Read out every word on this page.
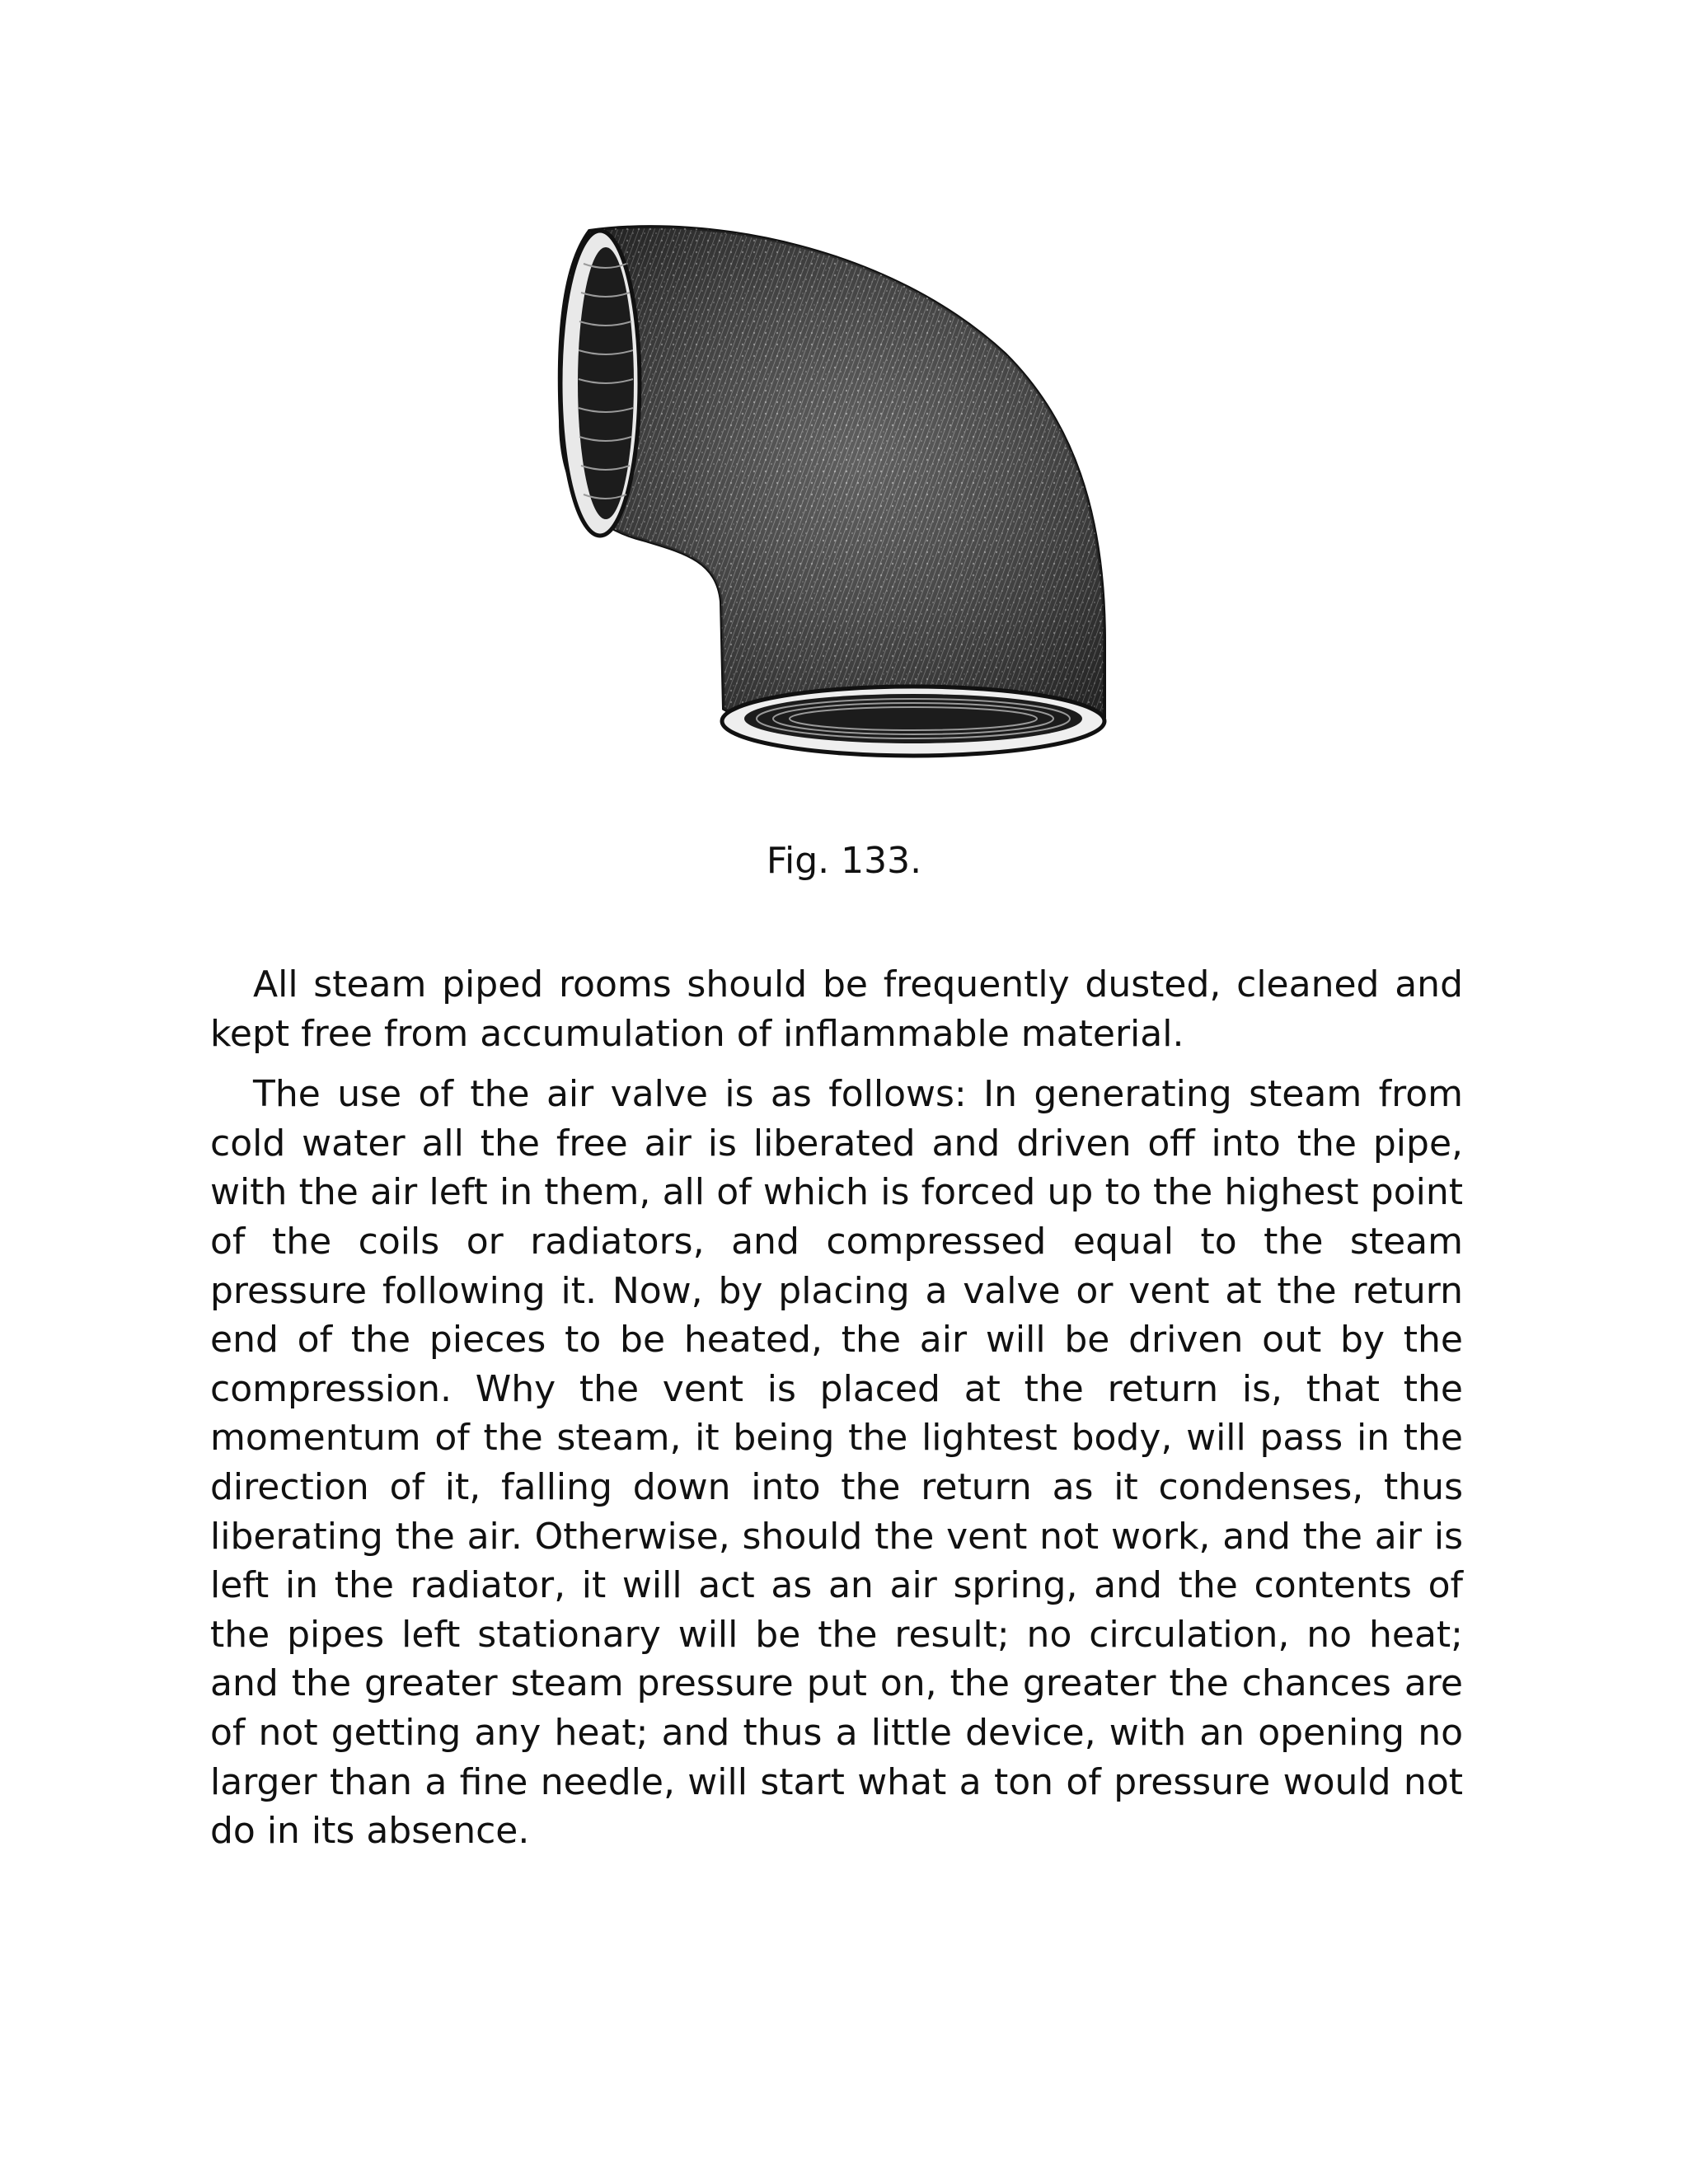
Fig. 133.

All steam piped rooms should be frequently dusted, cleaned and kept free from accumulation of inflammable material.

The use of the air valve is as follows: In generating steam from cold water all the free air is liberated and driven off into the pipe, with the air left in them, all of which is forced up to the highest point of the coils or radiators, and compressed equal to the steam pressure following it. Now, by placing a valve or vent at the return end of the pieces to be heated, the air will be driven out by the compression. Why the vent is placed at the return is, that the momentum of the steam, it being the lightest body, will pass in the direction of it, falling down into the return as it condenses, thus liberating the air. Otherwise, should the vent not work, and the air is left in the radiator, it will act as an air spring, and the contents of the pipes left stationary will be the result; no circulation, no heat; and the greater steam pressure put on, the greater the chances are of not getting any heat; and thus a little device, with an opening no larger than a fine needle, will start what a ton of pressure would not do in its absence.
